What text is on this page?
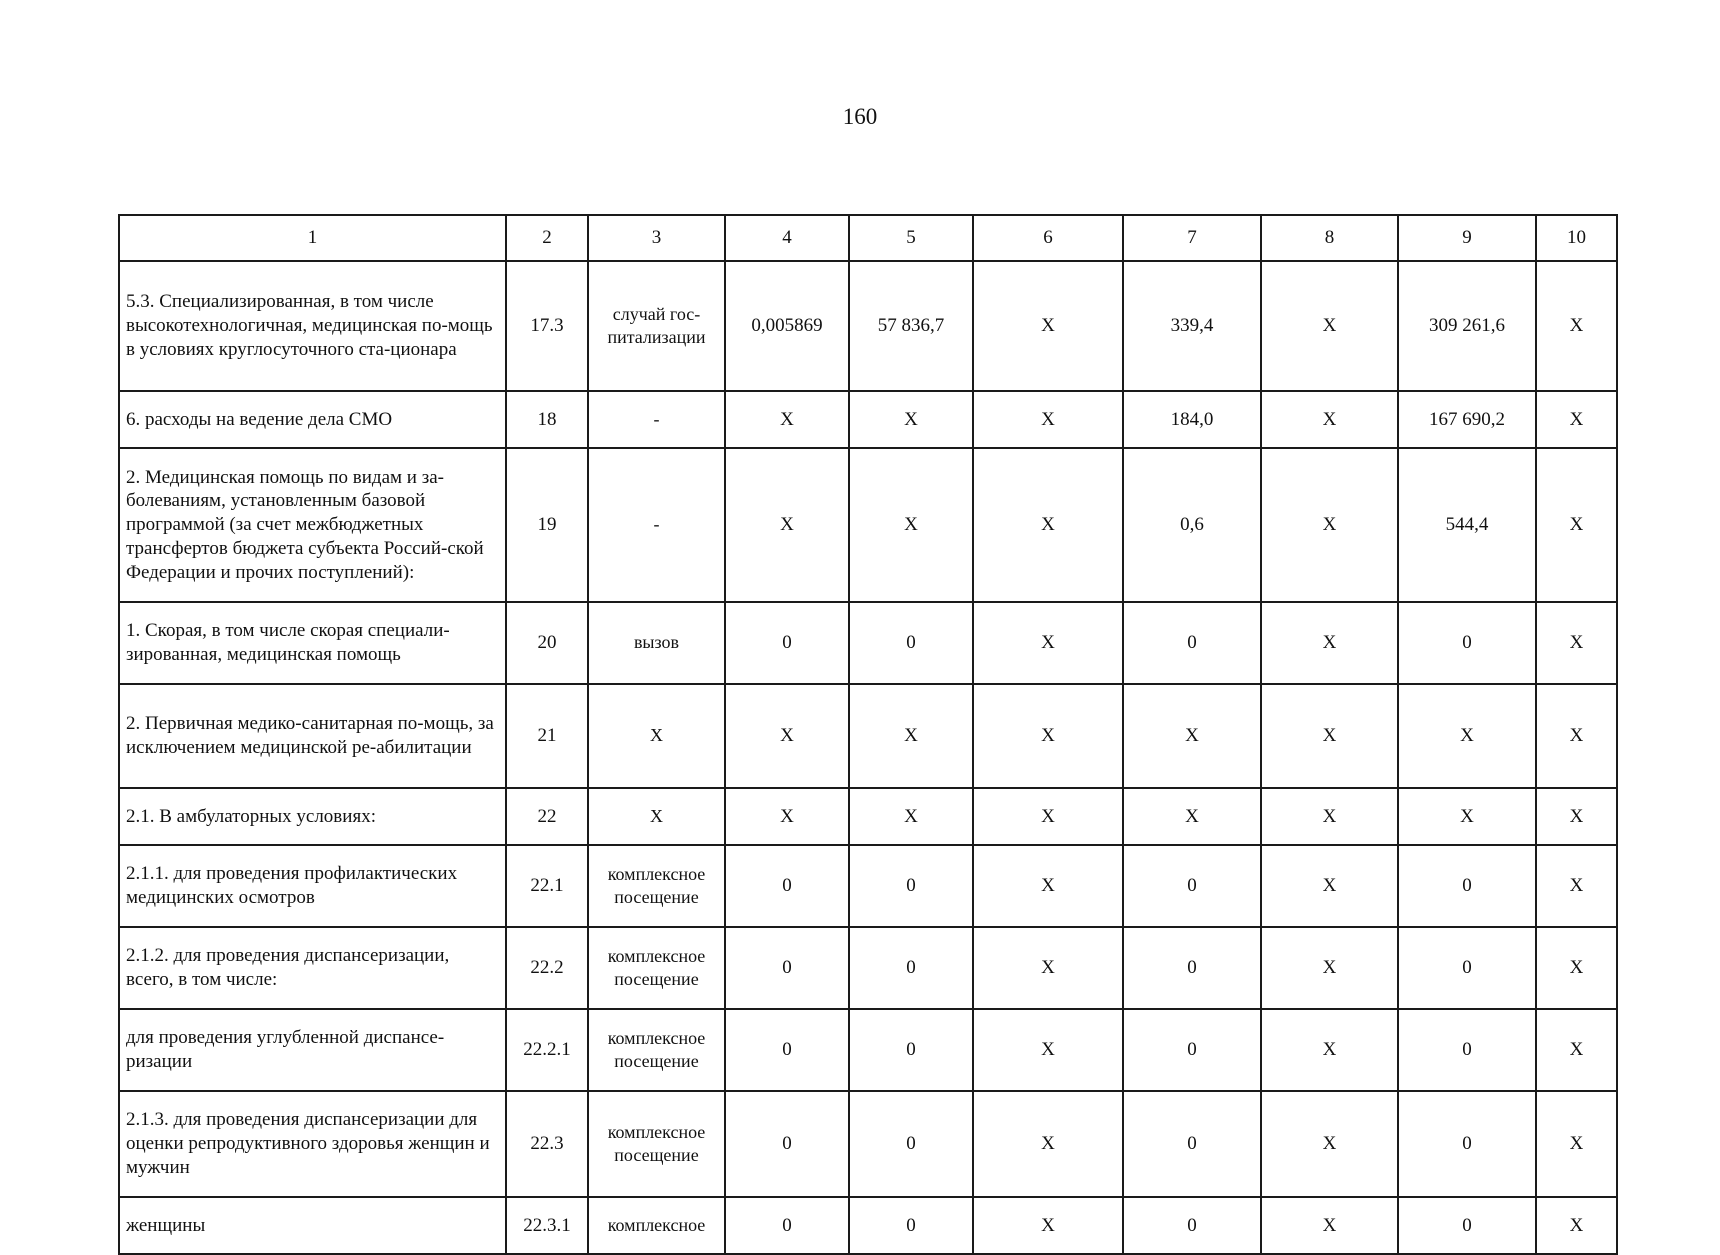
160
1	2	3	4	5	6	7	8	9	10
5.3. Специализированная, в том числе высокотехнологичная, медицинская по-мощь в условиях круглосуточного ста-ционара	17.3	случай гос-питализации	0,005869	57 836,7	X	339,4	X	309 261,6	X
6. расходы на ведение дела СМО	18	-	X	X	X	184,0	X	167 690,2	X
2. Медицинская помощь по видам и за-болеваниям, установленным базовой программой (за счет межбюджетных трансфертов бюджета субъекта Россий-ской Федерации и прочих поступлений):	19	-	X	X	X	0,6	X	544,4	X
1. Скорая, в том числе скорая специали-зированная, медицинская помощь	20	вызов	0	0	X	0	X	0	X
2. Первичная медико-санитарная по-мощь, за исключением медицинской ре-абилитации	21	X	X	X	X	X	X	X	X
2.1. В амбулаторных условиях:	22	X	X	X	X	X	X	X	X
2.1.1. для проведения профилактических медицинских осмотров	22.1	комплексное посещение	0	0	X	0	X	0	X
2.1.2. для проведения диспансеризации, всего, в том числе:	22.2	комплексное посещение	0	0	X	0	X	0	X
для проведения углубленной диспансе-ризации	22.2.1	комплексное посещение	0	0	X	0	X	0	X
2.1.3. для проведения диспансеризации для оценки репродуктивного здоровья женщин и мужчин	22.3	комплексное посещение	0	0	X	0	X	0	X
женщины	22.3.1	комплексное	0	0	X	0	X	0	X
